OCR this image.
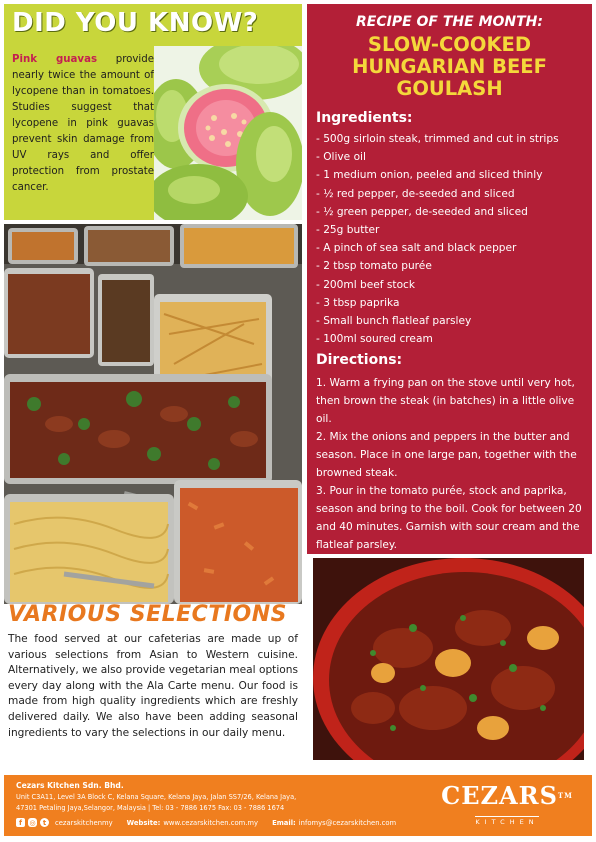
DID YOU KNOW?
Pink guavas provide nearly twice the amount of lycopene than in tomatoes. Studies suggest that lycopene in pink guavas prevent skin damage from UV rays and offer protection from prostate cancer.
VARIOUS SELECTIONS
The food served at our cafeterias are made up of various selections from Asian to Western cuisine. Alternatively, we also provide vegetarian meal options every day along with the Ala Carte menu. Our food is made from high quality ingredients which are freshly delivered daily. We also have been adding seasonal ingredients to vary the selections in our daily menu.
RECIPE OF THE MONTH:
SLOW-COOKED
HUNGARIAN BEEF
GOULASH
Ingredients:
- 500g sirloin steak, trimmed and cut in strips
- Olive oil
- 1 medium onion, peeled and sliced thinly
- ½ red pepper, de-seeded and sliced
- ½ green pepper, de-seeded and sliced
- 25g butter
- A pinch of sea salt and black pepper
- 2 tbsp tomato purée
- 200ml beef stock
- 3 tbsp paprika
- Small bunch flatleaf parsley
- 100ml soured cream
Directions:

1. Warm a frying pan on the stove until very hot, then brown the steak (in batches) in a little olive oil.

2. Mix the onions and peppers in the butter and season. Place in one large pan, together with the browned steak.

3. Pour in the tomato purée, stock and paprika, season and bring to the boil. Cook for between 20 and 40 minutes. Garnish with sour cream and the flatleaf parsley.

Cezars Kitchen Sdn. Bhd.
Unit C3A11, Level 3A Block C, Kelana Square, Kelana Jaya, Jalan SS7/26, Kelana Jaya,
47301 Petaling Jaya,Selangor, Malaysia | Tel: 03 - 7886 1675 Fax: 03 - 7886 1674
f	◎	t	cezarskitchenmy Website: www.cezarskitchen.com.my Email: infomys@cezarskitchen.com
CEZARS™
KITCHEN
